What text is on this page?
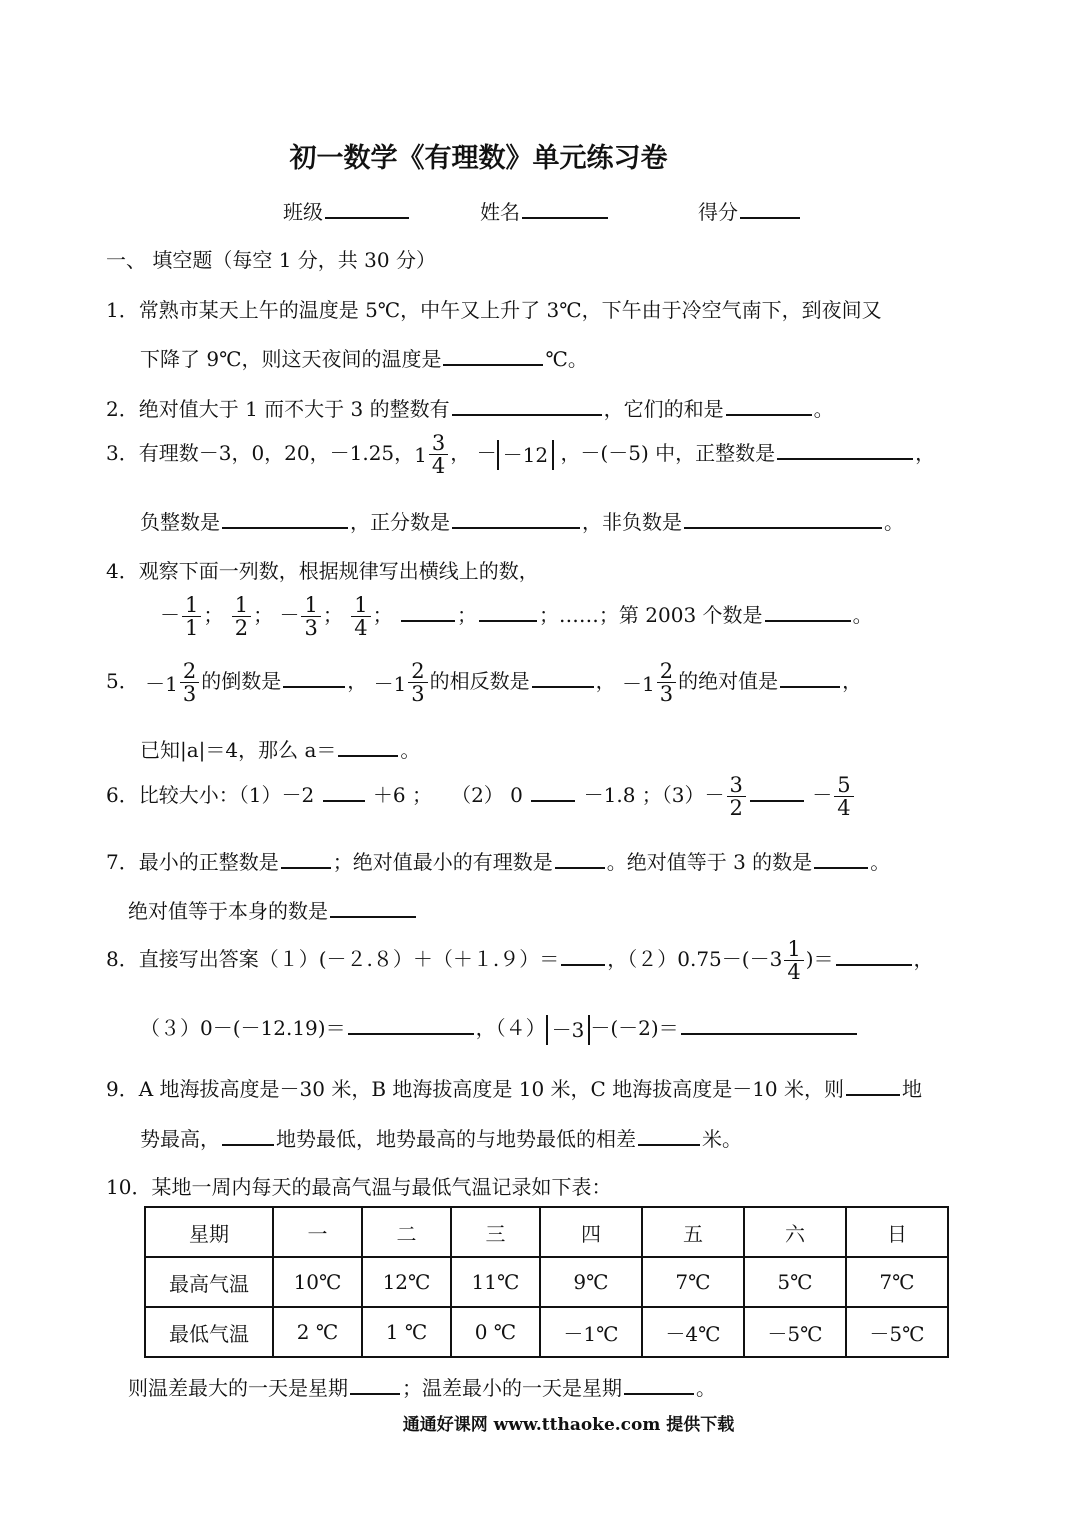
初一数学《有理数》单元练习卷
班级	姓名	得分
一、 填空题（每空 1 分，共 30 分）
1．常熟市某天上午的温度是 5℃，中午又上升了 3℃，下午由于冷空气南下，到夜间又
下降了 9℃，则这天夜间的温度是	℃。
2．绝对值大于 1 而不大于 3 的整数有	，它们的和是	。
3．有理数－3，0，20，－1.25， $1 \frac{3}{4}$ ， － －12 ，－(－5) 中，正整数是	，
负整数是	，正分数是	，非负数是	。
4．观察下面一列数，根据规律写出横线上的数，
－ $\frac{1}{1}$ ； $\frac{1}{2}$ ； － $\frac{1}{3}$ ； $\frac{1}{4}$ ；	；	；……；第 2003 个数是	。
5． $-1 \frac{2}{3}$ 的倒数是	， $-1 \frac{2}{3}$ 的相反数是	， $-1 \frac{2}{3}$ 的绝对值是	，
已知|a|＝4，那么 a＝	。
6．比较大小：（1）－2	＋6 ； （2） 0	－1.8 ；$(3)- \frac{3}{2}$	－ $\frac{5}{4}$
7．最小的正整数是	；绝对值最小的有理数是	。绝对值等于 3 的数是	。
绝对值等于本身的数是
8．直接写出答案（１）(－２.８）＋（＋１.９）＝ ，$(2)0.75-(-3 \frac{1}{4}$ )＝	，
（３）0－(－12.19)＝	，（４） －3 －(－2)＝
9．A 地海拔高度是－30 米，B 地海拔高度是 10 米，C 地海拔高度是－10 米，则	地
势最高，	地势最低，地势最高的与地势最低的相差	米。
10．某地一周内每天的最高气温与最低气温记录如下表：
星期	一	二	三	四	五	六	日
最高气温	10℃	12℃	11℃	9℃	7℃	5℃	7℃
最低气温	2 ℃	1 ℃	0 ℃	－1℃	－4℃	－5℃	－5℃
则温差最大的一天是星期	；温差最小的一天是星期	。
通通好课网 www.tthaoke.com 提供下载
